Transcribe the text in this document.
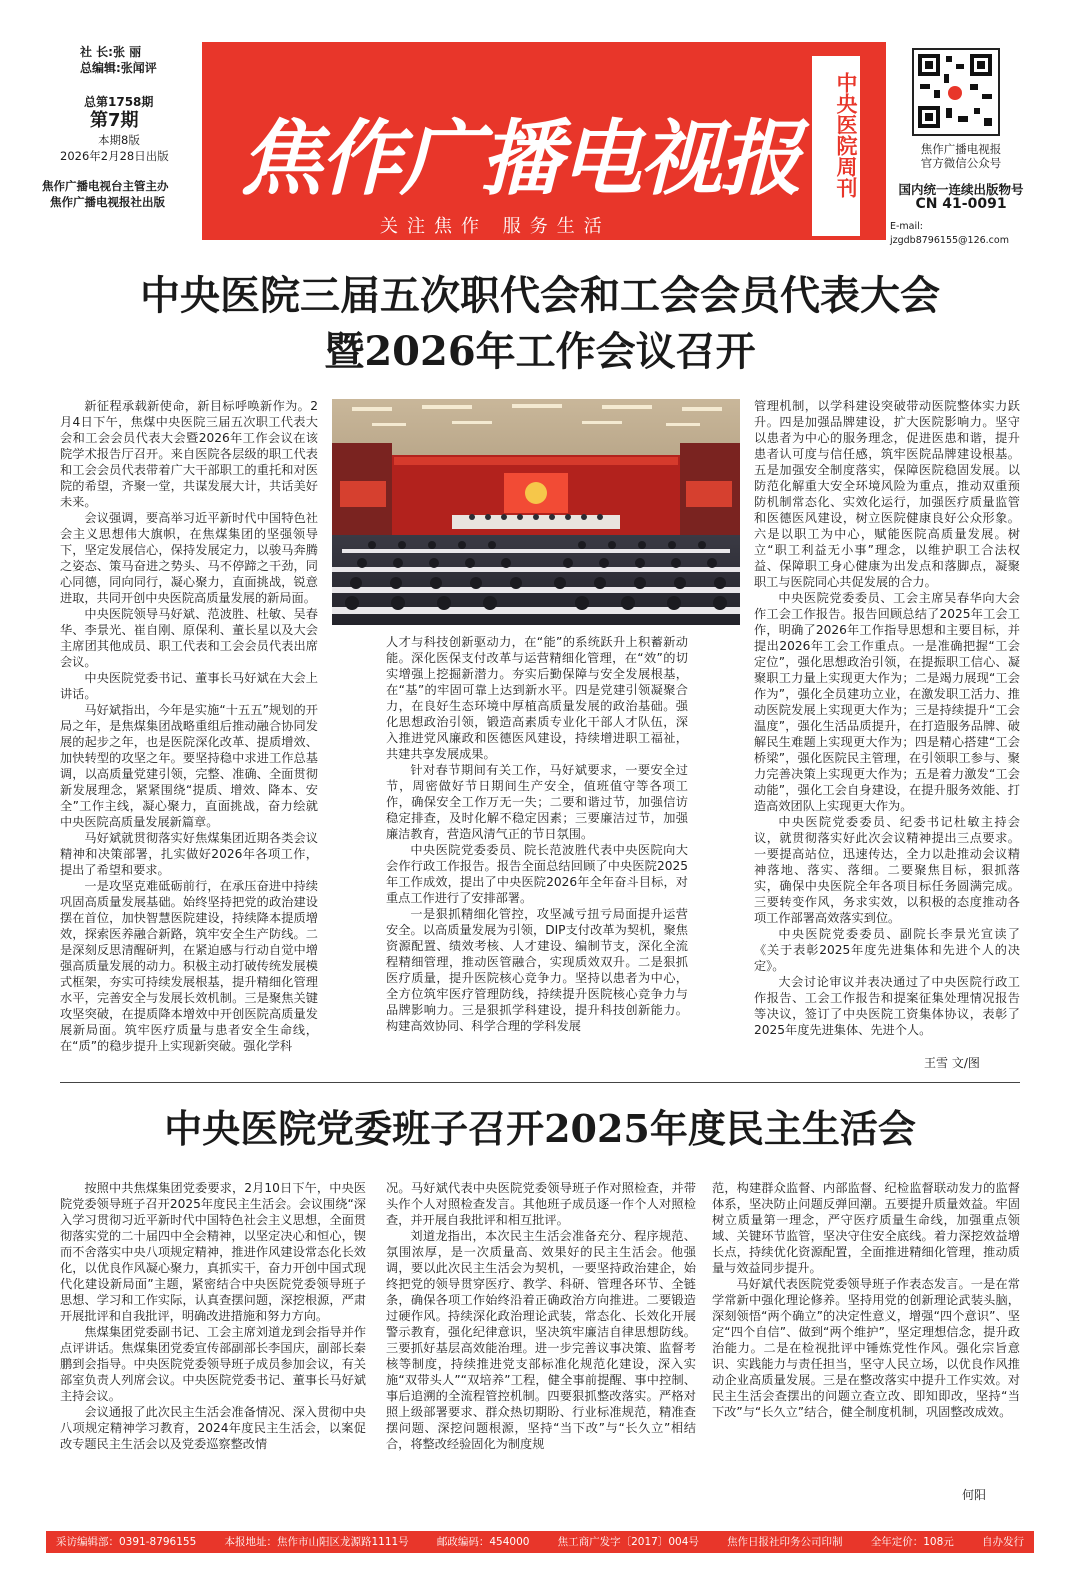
社 长:张 丽
总编辑:张闻评
总第1758期
第7期
本期8版
2026年2月28日出版
焦作广播电视台主管主办
焦作广播电视报社出版 焦作广播电视报
关注焦作 服务生活
中央医院周刊	焦作广播电视报
官方微信公众号
国内统一连续出版物号
CN 41-0091
E-mail: jzgdb8796155@126.com
中央医院三届五次职代会和工会会员代表大会
暨2026年工作会议召开

新征程承载新使命，新目标呼唤新作为。2月4日下午，焦煤中央医院三届五次职工代表大会和工会会员代表大会暨2026年工作会议在该院学术报告厅召开。来自医院各层级的职工代表和工会会员代表带着广大干部职工的重托和对医院的希望，齐聚一堂，共谋发展大计，共话美好未来。

会议强调，要高举习近平新时代中国特色社会主义思想伟大旗帜，在焦煤集团的坚强领导下，坚定发展信心，保持发展定力，以骏马奔腾之姿态、策马奋进之势头、马不停蹄之干劲，同心同德，同向同行，凝心聚力，直面挑战，锐意进取，共同开创中央医院高质量发展的新局面。

中央医院领导马好斌、范波胜、杜敏、吴春华、李景光、崔自刚、原保利、董长星以及大会主席团其他成员、职工代表和工会会员代表出席会议。

中央医院党委书记、董事长马好斌在大会上讲话。

马好斌指出，今年是实施“十五五”规划的开局之年，是焦煤集团战略重组后推动融合协同发展的起步之年，也是医院深化改革、提质增效、加快转型的攻坚之年。要坚持稳中求进工作总基调，以高质量党建引领，完整、准确、全面贯彻新发展理念，紧紧围绕“提质、增效、降本、安全”工作主线，凝心聚力，直面挑战，奋力绘就中央医院高质量发展新篇章。

马好斌就贯彻落实好焦煤集团近期各类会议精神和决策部署，扎实做好2026年各项工作，提出了希望和要求。

一是攻坚克难砥砺前行，在承压奋进中持续巩固高质量发展基础。始终坚持把党的政治建设摆在首位，加快智慧医院建设，持续降本提质增效，探索医养融合新路，筑牢安全生产防线。二是深刻反思清醒研判，在紧迫感与行动自觉中增强高质量发展的动力。积极主动打破传统发展模式框架，夯实可持续发展根基，提升精细化管理水平，完善安全与发展长效机制。三是聚焦关键攻坚突破，在提质降本增效中开创医院高质量发展新局面。筑牢医疗质量与患者安全生命线，在“质”的稳步提升上实现新突破。强化学科

人才与科技创新驱动力，在“能”的系统跃升上积蓄新动能。深化医保支付改革与运营精细化管理，在“效”的切实增强上挖掘新潜力。夯实后勤保障与安全发展根基，在“基”的牢固可靠上达到新水平。四是党建引领凝聚合力，在良好生态环境中厚植高质量发展的政治基础。强化思想政治引领，锻造高素质专业化干部人才队伍，深入推进党风廉政和医德医风建设，持续增进职工福祉，共建共享发展成果。

针对春节期间有关工作，马好斌要求，一要安全过节，周密做好节日期间生产安全，值班值守等各项工作，确保安全工作万无一失；二要和谐过节，加强信访稳定排查，及时化解不稳定因素；三要廉洁过节，加强廉洁教育，营造风清气正的节日氛围。

中央医院党委委员、院长范波胜代表中央医院向大会作行政工作报告。报告全面总结回顾了中央医院2025年工作成效，提出了中央医院2026年全年奋斗目标，对重点工作进行了安排部署。

一是狠抓精细化管控，攻坚减亏扭亏局面提升运营安全。以高质量发展为引领，DIP支付改革为契机，聚焦资源配置、绩效考核、人才建设、编制节支，深化全流程精细管理，推动医管融合，实现质效双升。二是狠抓医疗质量，提升医院核心竞争力。坚持以患者为中心，全方位筑牢医疗管理防线，持续提升医院核心竞争力与品牌影响力。三是狠抓学科建设，提升科技创新能力。构建高效协同、科学合理的学科发展

管理机制，以学科建设突破带动医院整体实力跃升。四是加强品牌建设，扩大医院影响力。坚守以患者为中心的服务理念，促进医患和谐，提升患者认可度与信任感，筑牢医院品牌建设根基。五是加强安全制度落实，保障医院稳固发展。以防范化解重大安全环境风险为重点，推动双重预防机制常态化、实效化运行，加强医疗质量监管和医德医风建设，树立医院健康良好公众形象。六是以职工为中心，赋能医院高质量发展。树立“职工利益无小事”理念，以维护职工合法权益、保障职工身心健康为出发点和落脚点，凝聚职工与医院同心共促发展的合力。

中央医院党委委员、工会主席吴春华向大会作工会工作报告。报告回顾总结了2025年工会工作，明确了2026年工作指导思想和主要目标，并提出2026年工会工作重点。一是准确把握“工会定位”，强化思想政治引领，在提振职工信心、凝聚职工力量上实现更大作为；二是竭力展现“工会作为”，强化全员建功立业，在激发职工活力、推动医院发展上实现更大作为；三是持续提升“工会温度”，强化生活品质提升，在打造服务品牌、破解民生难题上实现更大作为；四是精心搭建“工会桥梁”，强化医院民主管理，在引领职工参与、聚力完善决策上实现更大作为；五是着力激发“工会动能”，强化工会自身建设，在提升服务效能、打造高效团队上实现更大作为。

中央医院党委委员、纪委书记杜敏主持会议，就贯彻落实好此次会议精神提出三点要求。一要提高站位，迅速传达，全力以赴推动会议精神落地、落实、落细。二要聚焦目标，狠抓落实，确保中央医院全年各项目标任务圆满完成。三要转变作风，务求实效，以积极的态度推动各项工作部署高效落实到位。

中央医院党委委员、副院长李景光宣读了《关于表彰2025年度先进集体和先进个人的决定》。

大会讨论审议并表决通过了中央医院行政工作报告、工会工作报告和提案征集处理情况报告等决议，签订了中央医院工资集体协议，表彰了2025年度先进集体、先进个人。

王雪 文/图
中央医院党委班子召开2025年度民主生活会

按照中共焦煤集团党委要求，2月10日下午，中央医院党委领导班子召开2025年度民主生活会。会议围绕“深入学习贯彻习近平新时代中国特色社会主义思想，全面贯彻落实党的二十届四中全会精神，以坚定决心和恒心，锲而不舍落实中央八项规定精神，推进作风建设常态化长效化，以优良作风凝心聚力，真抓实干，奋力开创中国式现代化建设新局面”主题，紧密结合中央医院党委领导班子思想、学习和工作实际，认真查摆问题，深挖根源，严肃开展批评和自我批评，明确改进措施和努力方向。

焦煤集团党委副书记、工会主席刘道龙到会指导并作点评讲话。焦煤集团党委宣传部副部长李国庆，副部长秦鹏到会指导。中央医院党委领导班子成员参加会议，有关部室负责人列席会议。中央医院党委书记、董事长马好斌主持会议。

会议通报了此次民主生活会准备情况、深入贯彻中央八项规定精神学习教育，2024年度民主生活会，以案促改专题民主生活会以及党委巡察整改情

况。马好斌代表中央医院党委领导班子作对照检查，并带头作个人对照检查发言。其他班子成员逐一作个人对照检查，并开展自我批评和相互批评。

刘道龙指出，本次民主生活会准备充分、程序规范、氛围浓厚，是一次质量高、效果好的民主生活会。他强调，要以此次民主生活会为契机，一要坚持政治建企，始终把党的领导贯穿医疗、教学、科研、管理各环节、全链条，确保各项工作始终沿着正确政治方向推进。二要锻造过硬作风。持续深化政治理论武装，常态化、长效化开展警示教育，强化纪律意识，坚决筑牢廉洁自律思想防线。三要抓好基层高效能治理。进一步完善议事决策、监督考核等制度，持续推进党支部标准化规范化建设，深入实施“双带头人”“双培养”工程，健全事前提醒、事中控制、事后追溯的全流程管控机制。四要狠抓整改落实。严格对照上级部署要求、群众热切期盼、行业标准规范，精准查摆问题、深挖问题根源，坚持“当下改”与“长久立”相结合，将整改经验固化为制度规

范，构建群众监督、内部监督、纪检监督联动发力的监督体系，坚决防止问题反弹回潮。五要提升质量效益。牢固树立质量第一理念，严守医疗质量生命线，加强重点领域、关键环节监管，坚决守住安全底线。着力深挖效益增长点，持续优化资源配置，全面推进精细化管理，推动质量与效益同步提升。

马好斌代表医院党委领导班子作表态发言。一是在常学常新中强化理论修养。坚持用党的创新理论武装头脑，深刻领悟“两个确立”的决定性意义，增强“四个意识”、坚定“四个自信”、做到“两个维护”，坚定理想信念，提升政治能力。二是在检视批评中锤炼党性作风。强化宗旨意识、实践能力与责任担当，坚守人民立场，以优良作风推动企业高质量发展。三是在整改落实中提升工作实效。对民主生活会查摆出的问题立查立改、即知即改，坚持“当下改”与“长久立”结合，健全制度机制，巩固整改成效。

何阳
采访编辑部：0391-8796155	本报地址：焦作市山阳区龙源路1111号	邮政编码：454000	焦工商广发字〔2017〕004号	焦作日报社印务公司印制	全年定价：108元	自办发行
